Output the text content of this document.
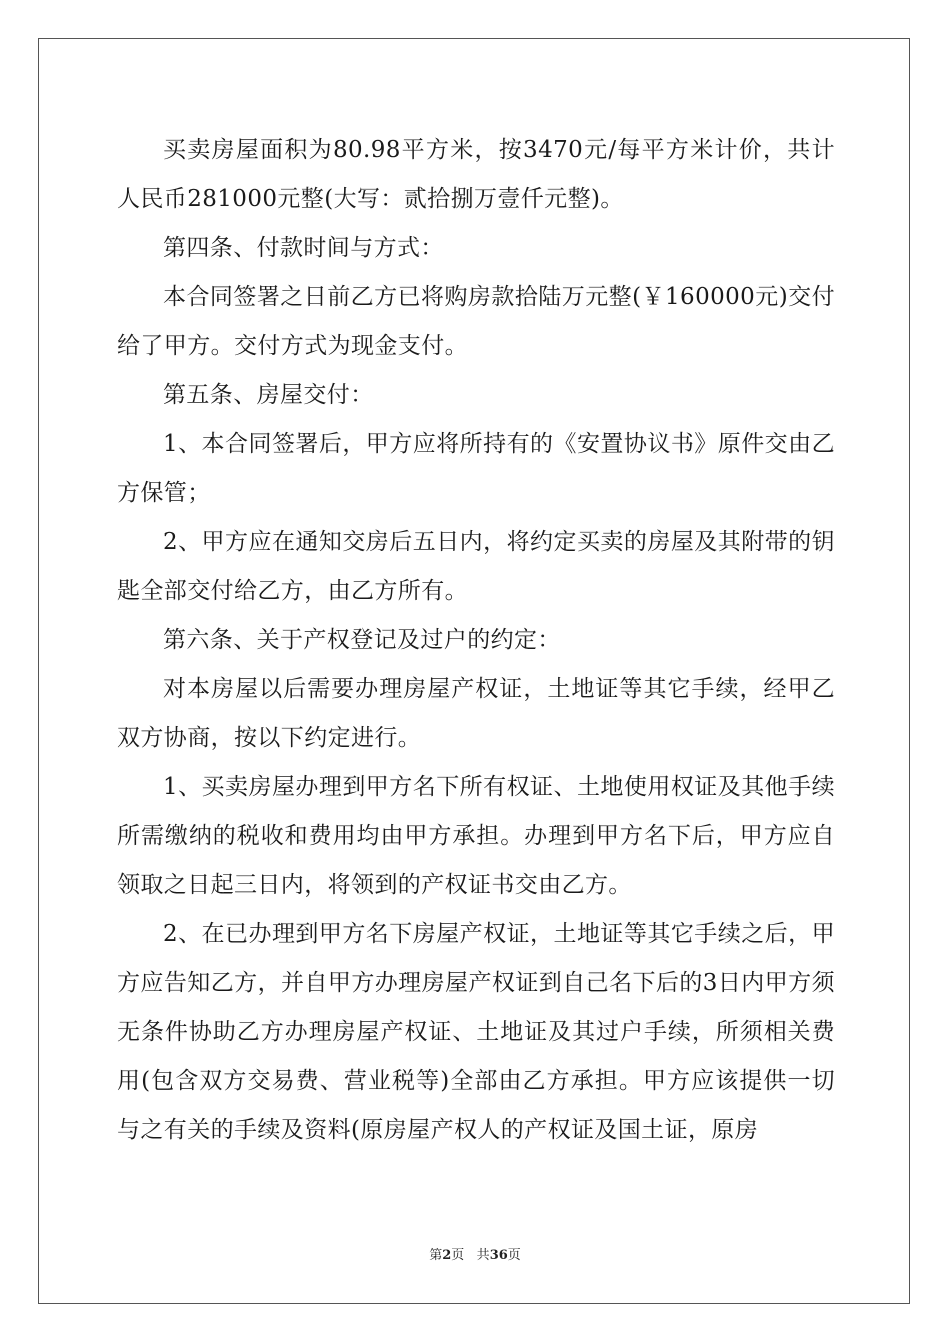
买卖房屋面积为80.98平方米，按3470元/每平方米计价，共计人民币281000元整(大写：贰拾捌万壹仟元整)。

第四条、付款时间与方式：

本合同签署之日前乙方已将购房款拾陆万元整(￥160000元)交付给了甲方。交付方式为现金支付。

第五条、房屋交付：

1、本合同签署后，甲方应将所持有的《安置协议书》原件交由乙方保管；

2、甲方应在通知交房后五日内，将约定买卖的房屋及其附带的钥匙全部交付给乙方，由乙方所有。

第六条、关于产权登记及过户的约定：

对本房屋以后需要办理房屋产权证，土地证等其它手续，经甲乙双方协商，按以下约定进行。

1、买卖房屋办理到甲方名下所有权证、土地使用权证及其他手续所需缴纳的税收和费用均由甲方承担。办理到甲方名下后，甲方应自领取之日起三日内，将领到的产权证书交由乙方。

2、在已办理到甲方名下房屋产权证，土地证等其它手续之后，甲方应告知乙方，并自甲方办理房屋产权证到自己名下后的3日内甲方须无条件协助乙方办理房屋产权证、土地证及其过户手续，所须相关费用(包含双方交易费、营业税等)全部由乙方承担。甲方应该提供一切与之有关的手续及资料(原房屋产权人的产权证及国土证，原房

第2页 共36页
